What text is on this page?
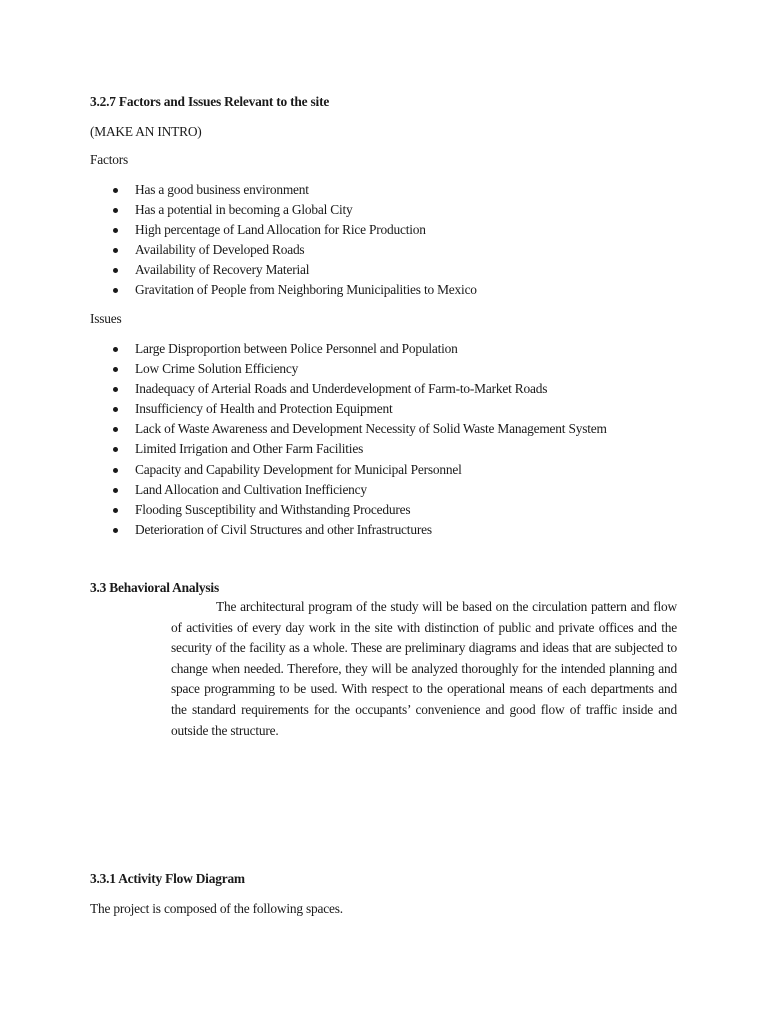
3.2.7 Factors and Issues Relevant to the site
(MAKE AN INTRO)
Factors
Has a good business environment
Has a potential in becoming a Global City
High percentage of Land Allocation for Rice Production
Availability of Developed Roads
Availability of Recovery Material
Gravitation of People from Neighboring Municipalities to Mexico
Issues
Large Disproportion between Police Personnel and Population
Low Crime Solution Efficiency
Inadequacy of Arterial Roads and Underdevelopment of Farm-to-Market Roads
Insufficiency of Health and Protection Equipment
Lack of Waste Awareness and Development Necessity of Solid Waste Management System
Limited Irrigation and Other Farm Facilities
Capacity and Capability Development for Municipal Personnel
Land Allocation and Cultivation Inefficiency
Flooding Susceptibility and Withstanding Procedures
Deterioration of Civil Structures and other Infrastructures
3.3 Behavioral Analysis

The architectural program of the study will be based on the circulation pattern and flow of activities of every day work in the site with distinction of public and private offices and the security of the facility as a whole. These are preliminary diagrams and ideas that are subjected to change when needed. Therefore, they will be analyzed thoroughly for the intended planning and space programming to be used. With respect to the operational means of each departments and the standard requirements for the occupants’ convenience and good flow of traffic inside and outside the structure.

3.3.1 Activity Flow Diagram
The project is composed of the following spaces.
